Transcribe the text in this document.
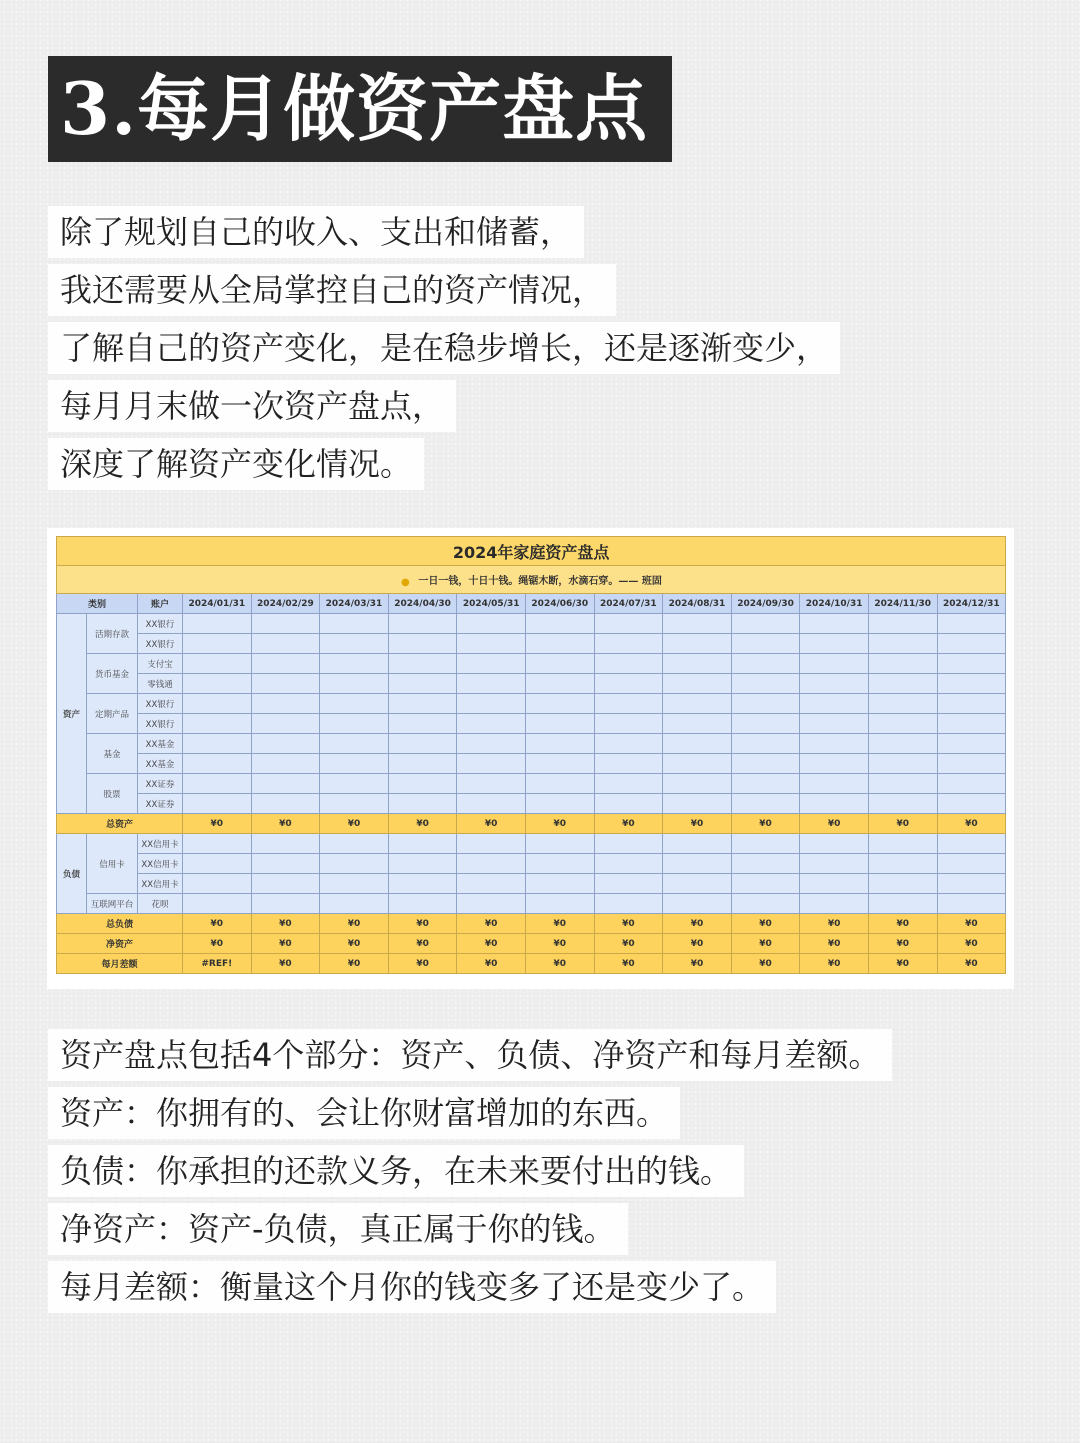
3.每月做资产盘点
除了规划自己的收入、支出和储蓄，
我还需要从全局掌控自己的资产情况，
了解自己的资产变化，是在稳步增长，还是逐渐变少，
每月月末做一次资产盘点，
深度了解资产变化情况。
2024年家庭资产盘点														
● 一日一钱，十日十钱。绳锯木断，水滴石穿。—— 班固														
类别		账户	2024/01/31	2024/02/29	2024/03/31	2024/04/30	2024/05/31	2024/06/30	2024/07/31	2024/08/31	2024/09/30	2024/10/31	2024/11/30	2024/12/31
资产	活期存款	XX银行												
		XX银行												
	货币基金	支付宝												
		零钱通												
	定期产品	XX银行												
		XX银行												
	基金	XX基金												
		XX基金												
	股票	XX证券												
		XX证券												
总资产			¥0	¥0	¥0	¥0	¥0	¥0	¥0	¥0	¥0	¥0	¥0	¥0
负债	信用卡	XX信用卡												
		XX信用卡												
		XX信用卡												
	互联网平台	花呗												
总负债			¥0	¥0	¥0	¥0	¥0	¥0	¥0	¥0	¥0	¥0	¥0	¥0
净资产			¥0	¥0	¥0	¥0	¥0	¥0	¥0	¥0	¥0	¥0	¥0	¥0
每月差额			#REF!	¥0	¥0	¥0	¥0	¥0	¥0	¥0	¥0	¥0	¥0	¥0
资产盘点包括4个部分：资产、负债、净资产和每月差额。
资产：你拥有的、会让你财富增加的东西。
负债：你承担的还款义务，在未来要付出的钱。
净资产：资产-负债，真正属于你的钱。
每月差额：衡量这个月你的钱变多了还是变少了。
